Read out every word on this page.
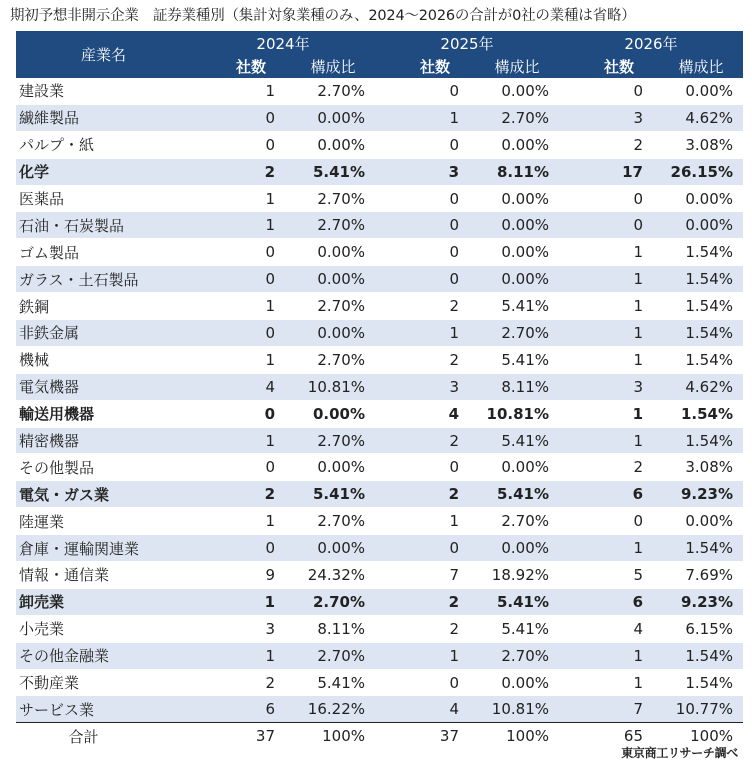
期初予想非開示企業　証券業種別（集計対象業種のみ、2024～2026の合計が0社の業種は省略）
産業名	2024年		2025年		2026年	
	社数	構成比	社数	構成比	社数	構成比
建設業	1	2.70%	0	0.00%	0	0.00%
繊維製品	0	0.00%	1	2.70%	3	4.62%
パルプ・紙	0	0.00%	0	0.00%	2	3.08%
化学	2	5.41%	3	8.11%	17	26.15%
医薬品	1	2.70%	0	0.00%	0	0.00%
石油・石炭製品	1	2.70%	0	0.00%	0	0.00%
ゴム製品	0	0.00%	0	0.00%	1	1.54%
ガラス・土石製品	0	0.00%	0	0.00%	1	1.54%
鉄鋼	1	2.70%	2	5.41%	1	1.54%
非鉄金属	0	0.00%	1	2.70%	1	1.54%
機械	1	2.70%	2	5.41%	1	1.54%
電気機器	4	10.81%	3	8.11%	3	4.62%
輸送用機器	0	0.00%	4	10.81%	1	1.54%
精密機器	1	2.70%	2	5.41%	1	1.54%
その他製品	0	0.00%	0	0.00%	2	3.08%
電気・ガス業	2	5.41%	2	5.41%	6	9.23%
陸運業	1	2.70%	1	2.70%	0	0.00%
倉庫・運輸関連業	0	0.00%	0	0.00%	1	1.54%
情報・通信業	9	24.32%	7	18.92%	5	7.69%
卸売業	1	2.70%	2	5.41%	6	9.23%
小売業	3	8.11%	2	5.41%	4	6.15%
その他金融業	1	2.70%	1	2.70%	1	1.54%
不動産業	2	5.41%	0	0.00%	1	1.54%
サービス業	6	16.22%	4	10.81%	7	10.77%
合計	37	100%	37	100%	65	100%
東京商工リサーチ調べ
